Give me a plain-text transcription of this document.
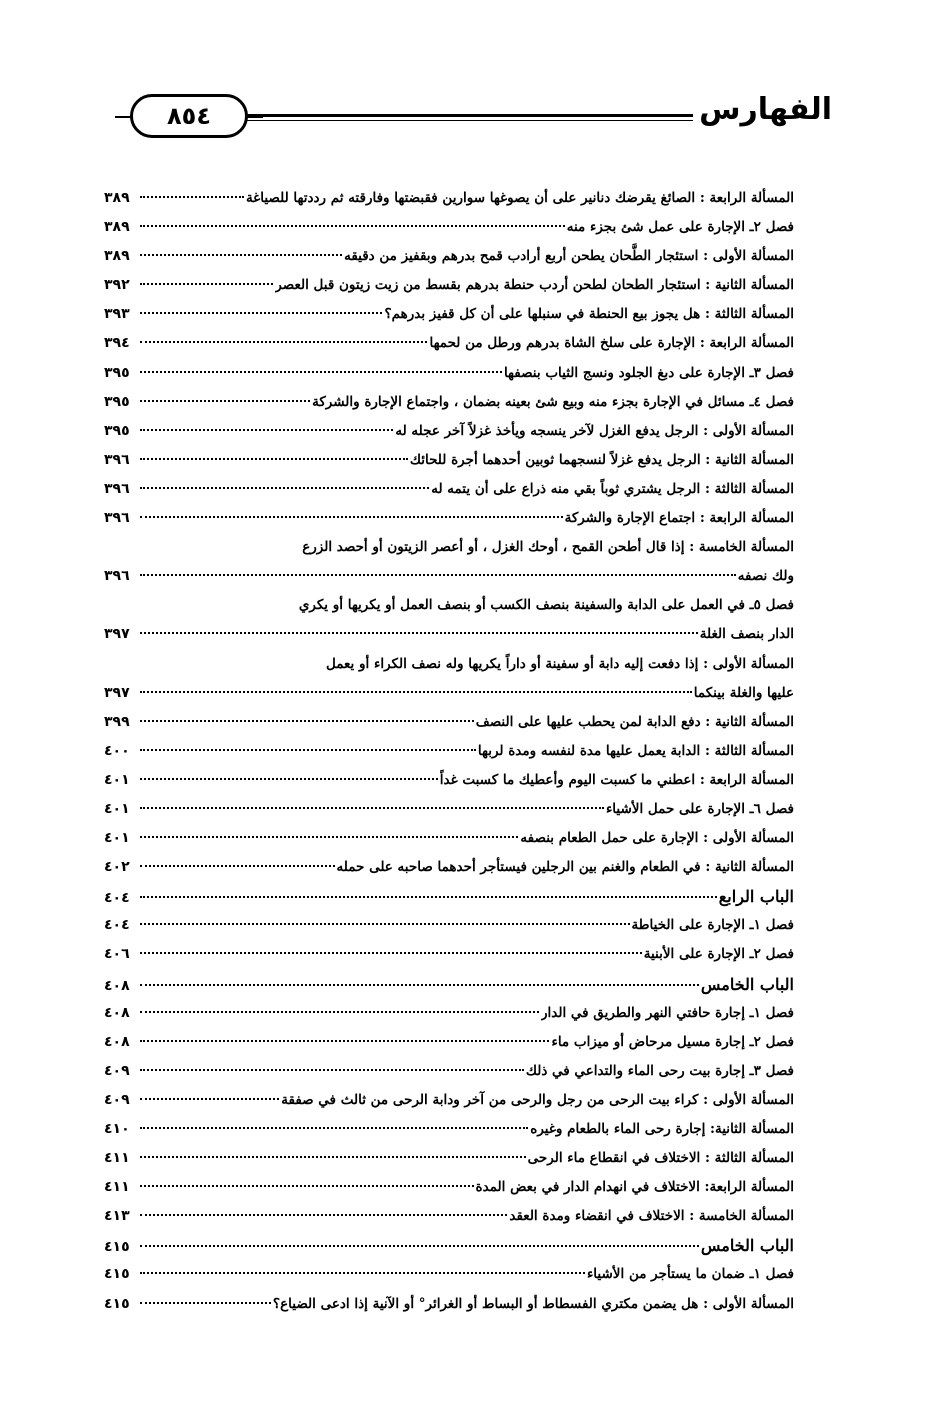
٨٥٤	الفهارس
المسألة الرابعة : الصائغ يقرضك دنانير على أن يصوغها سوارين فقبضتها وفارقته ثم رددتها للصياغة
٣٨٩
فصل ٢ـ الإجارة على عمل شئ بجزء منه
٣٨٩
المسألة الأولى : استئجار الطَّحان يطحن أربع أرادب قمح بدرهم وبقفيز من دقيقه
٣٨٩
المسألة الثانية : استئجار الطحان لطحن أردب حنطة بدرهم بقسط من زيت زيتون قبل العصر
٣٩٢
المسألة الثالثة : هل يجوز بيع الحنطة في سنبلها على أن كل قفيز بدرهم؟
٣٩٣
المسألة الرابعة : الإجارة على سلخ الشاة بدرهم ورطل من لحمها
٣٩٤
فصل ٣ـ الإجارة على دبغ الجلود ونسج الثياب بنصفها
٣٩٥
فصل ٤ـ مسائل في الإجارة بجزء منه وبيع شئ بعينه بضمان ، واجتماع الإجارة والشركة
٣٩٥
المسألة الأولى : الرجل يدفع الغزل لآخر ينسجه ويأخذ غزلاً آخر عجله له
٣٩٥
المسألة الثانية : الرجل يدفع غزلاً لنسجهما ثوبين أحدهما أجرة للحائك
٣٩٦
المسألة الثالثة : الرجل يشتري ثوباً بقي منه ذراع على أن يتمه له
٣٩٦
المسألة الرابعة : اجتماع الإجارة والشركة
٣٩٦
المسألة الخامسة : إذا قال أطحن القمح ، أوحك الغزل ، أو أعصر الزيتون أو أحصد الزرع
ولك نصفه
٣٩٦
فصل ٥ـ في العمل على الدابة والسفينة بنصف الكسب أو بنصف العمل أو يكريها أو يكري
الدار بنصف الغلة
٣٩٧
المسألة الأولى : إذا دفعت إليه دابة أو سفينة أو داراً يكريها وله نصف الكراء أو يعمل
عليها والغلة بينكما
٣٩٧
المسألة الثانية : دفع الدابة لمن يحطب عليها على النصف
٣٩٩
المسألة الثالثة : الدابة يعمل عليها مدة لنفسه ومدة لربها
٤٠٠
المسألة الرابعة : اعطني ما كسبت اليوم وأعطيك ما كسبت غداً
٤٠١
فصل ٦ـ الإجارة على حمل الأشياء
٤٠١
المسألة الأولى : الإجارة على حمل الطعام بنصفه
٤٠١
المسألة الثانية : في الطعام والغنم بين الرجلين فيستأجر أحدهما صاحبه على حمله
٤٠٢
الباب الرابع
٤٠٤
فصل ١ـ الإجارة على الخياطة
٤٠٤
فصل ٢ـ الإجارة على الأبنية
٤٠٦
الباب الخامس
٤٠٨
فصل ١ـ إجارة حافتي النهر والطريق في الدار
٤٠٨
فصل ٢ـ إجارة مسيل مرحاض أو ميزاب ماء
٤٠٨
فصل ٣ـ إجارة بيت رحى الماء والتداعي في ذلك
٤٠٩
المسألة الأولى : كراء بيت الرحى من رجل والرحى من آخر ودابة الرحى من ثالث في صفقة
٤٠٩
المسألة الثانية: إجارة رحى الماء بالطعام وغيره
٤١٠
المسألة الثالثة : الاختلاف في انقطاع ماء الرحى
٤١١
المسألة الرابعة: الاختلاف في انهدام الدار في بعض المدة
٤١١
المسألة الخامسة : الاختلاف في انقضاء ومدة العقد
٤١٣
الباب الخامس
٤١٥
فصل ١ـ ضمان ما يستأجر من الأشياء
٤١٥
المسألة الأولى : هل يضمن مكتري الفسطاط أو البساط أو الغرائر° أو الآنية إذا ادعى الضياع؟
٤١٥
